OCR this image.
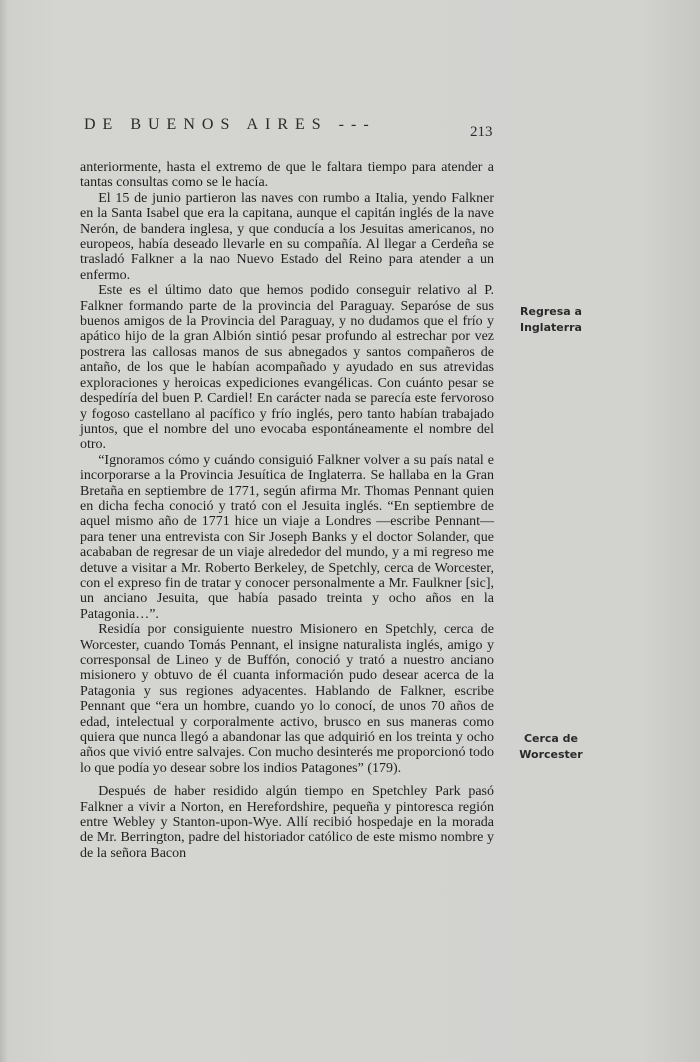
DE BUENOS AIRES ---	213

anteriormente, hasta el extremo de que le faltara tiempo para atender a tantas consultas como se le hacía.

El 15 de junio partieron las naves con rumbo a Italia, yendo Falkner en la Santa Isabel que era la capitana, aunque el capitán inglés de la nave Nerón, de bandera inglesa, y que conducía a los Jesuitas americanos, no europeos, había deseado llevarle en su compañía. Al llegar a Cerdeña se trasladó Falkner a la nao Nuevo Estado del Reino para atender a un enfermo.

Este es el último dato que hemos podido conseguir relativo al P. Falkner formando parte de la provincia del Paraguay. Separóse de sus buenos amigos de la Provincia del Paraguay, y no dudamos que el frío y apático hijo de la gran Albión sintió pesar profundo al estrechar por vez postrera las callosas manos de sus abnegados y santos compañeros de antaño, de los que le habían acompañado y ayudado en sus atrevidas exploraciones y heroicas expediciones evangélicas. Con cuánto pesar se despedíría del buen P. Cardiel! En carácter nada se parecía este fervoroso y fogoso castellano al pacífico y frío inglés, pero tanto habían trabajado juntos, que el nombre del uno evocaba espontáneamente el nombre del otro.

“Ignoramos cómo y cuándo consiguió Falkner volver a su país natal e incorporarse a la Provincia Jesuítica de Inglaterra. Se hallaba en la Gran Bretaña en septiembre de 1771, según afirma Mr. Thomas Pennant quien en dicha fecha conoció y trató con el Jesuita inglés. “En septiembre de aquel mismo año de 1771 hice un viaje a Londres —escribe Pennant— para tener una entrevista con Sir Joseph Banks y el doctor Solander, que acababan de regresar de un viaje alrededor del mundo, y a mi regreso me detuve a visitar a Mr. Roberto Berkeley, de Spetchly, cerca de Worcester, con el expreso fin de tratar y conocer personalmente a Mr. Faulkner [sic], un anciano Jesuita, que había pasado treinta y ocho años en la Patagonia…”.

Residía por consiguiente nuestro Misionero en Spetchly, cerca de Worcester, cuando Tomás Pennant, el insigne naturalista inglés, amigo y corresponsal de Lineo y de Buffón, conoció y trató a nuestro anciano misionero y obtuvo de él cuanta información pudo desear acerca de la Patagonia y sus regiones adyacentes. Hablando de Falkner, escribe Pennant que “era un hombre, cuando yo lo conocí, de unos 70 años de edad, intelectual y corporalmente activo, brusco en sus maneras como quiera que nunca llegó a abandonar las que adquirió en los treinta y ocho años que vivió entre salvajes. Con mucho desinterés me proporcionó todo lo que podía yo desear sobre los indios Patagones” (179).

Después de haber residido algún tiempo en Spetchley Park pasó Falkner a vivir a Norton, en Herefordshire, pequeña y pintoresca región entre Webley y Stanton-upon-Wye. Allí recibió hospedaje en la morada de Mr. Berrington, padre del historiador católico de este mismo nombre y de la señora Bacon

Regresa a Inglaterra
Cerca de Worcester
